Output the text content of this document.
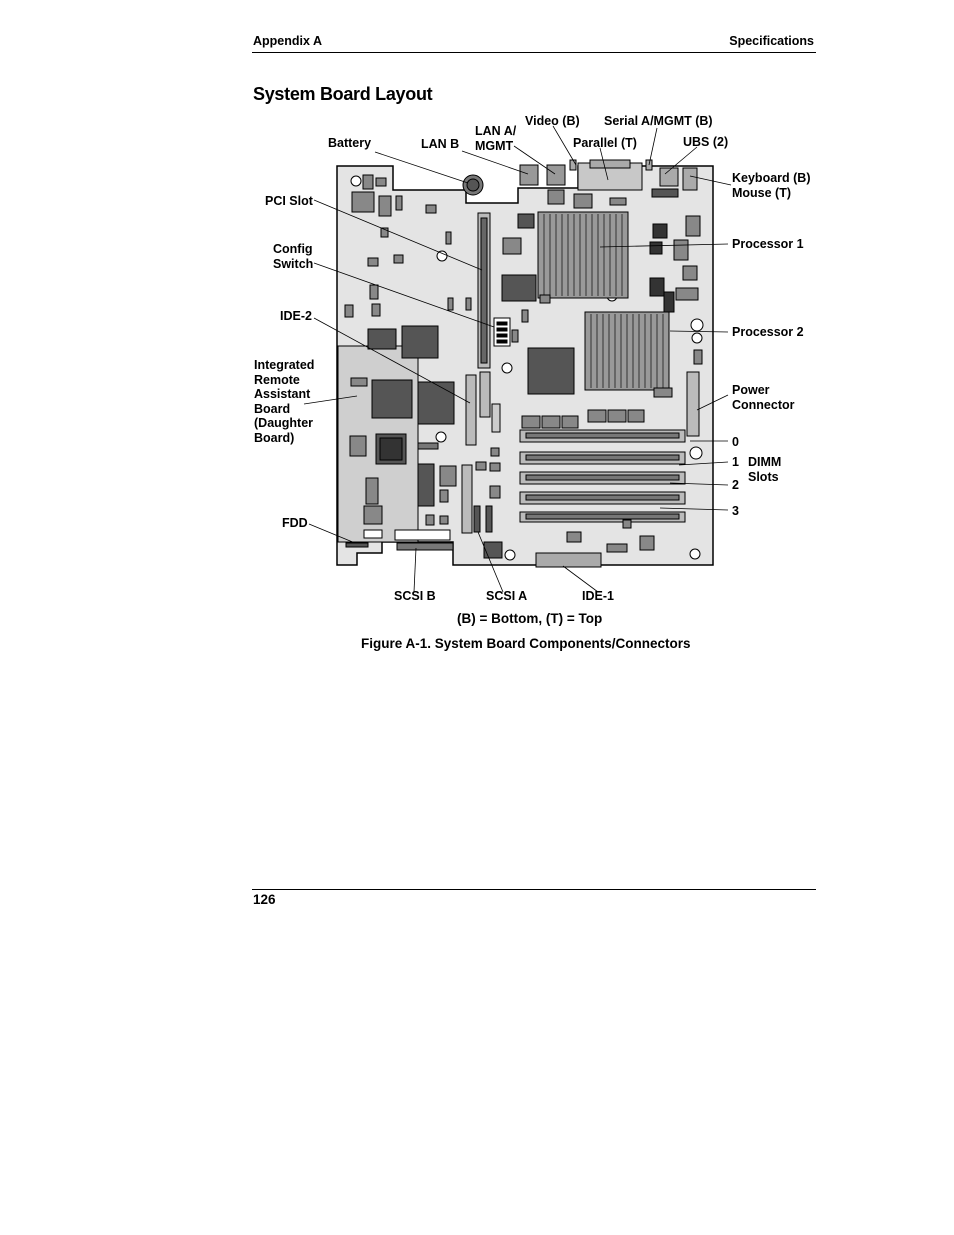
Appendix A	Specifications
System Board Layout
Battery	LAN B
LAN A/
MGMT
Video (B)
Parallel (T)
Serial A/MGMT (B)
UBS (2)
Keyboard (B)
Mouse (T)
PCI Slot
Config
Switch
IDE-2
Integrated
Remote
Assistant
Board
(Daughter
Board)
Processor 1
Processor 2
Power
Connector
0
1
2
3
DIMM
Slots
FDD
SCSI B	SCSI A	IDE-1
(B) = Bottom, (T) = Top
Figure A-1. System Board Components/Connectors
126
